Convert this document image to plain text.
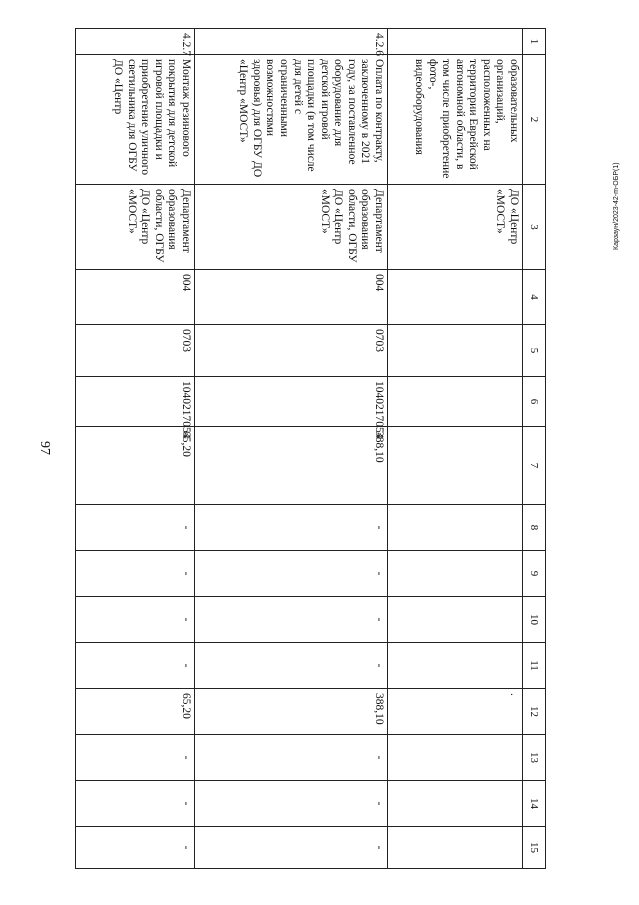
97
Карзаун/2023-42-m-ОБР(1)
1	2	3	4	5	6	7	8	9	10	11	12	13	14	15
	образовательных организаций, расположенных на территории Еврейской автономной области, в том числе приобретение фото-, видеооборудования	ДО «Центр «МОСТ»									.			
4.2.6	Оплата по контракту, заключенному в 2021 году, за поставленное оборудование для детской игровой площадки (в том числе для детей с ограниченными возможностями здоровья) для ОГБУ ДО «Центр «МОСТ»	Департамент образования области, ОГБУ ДО «Центр «МОСТ»	004	0703	1040217054	388,10	-	-	-	-	388,10	-	-	-
4.2.7	Монтаж резинового покрытия для детской игровой площадки и приобретение уличного светильника для ОГБУ ДО «Центр	Департамент образования области, ОГБУ ДО «Центр «МОСТ»	004	0703	1040217054	65,20	-	-	-	-	65,20	-	-	-
